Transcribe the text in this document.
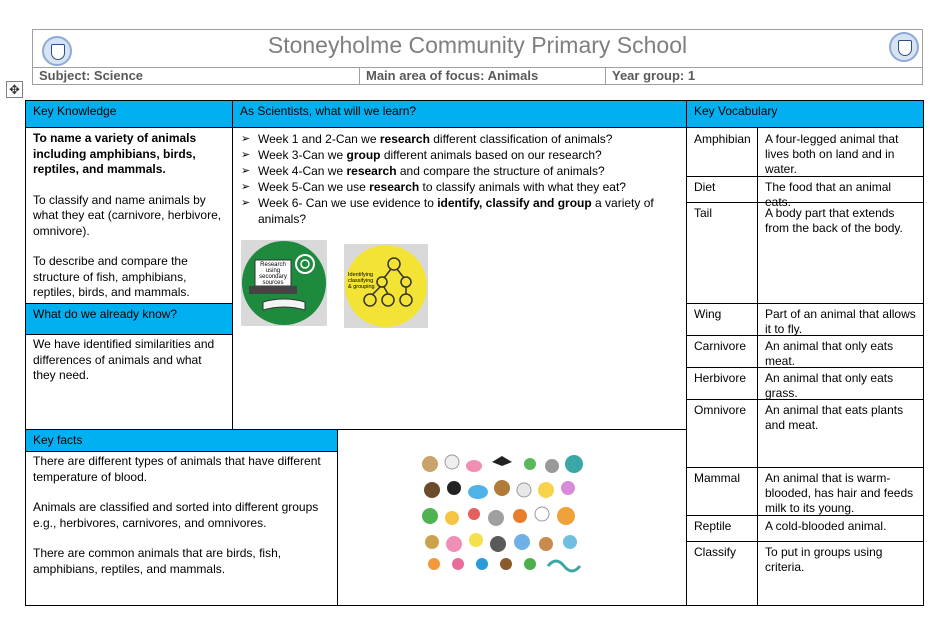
Stoneyholme Community Primary School
Subject: Science	Main area of focus: Animals	Year group: 1
✥
Key Knowledge	As Scientists, what will we learn?	Key Vocabulary
What do we already know?
Key facts

To name a variety of animals including amphibians, birds, reptiles, and mammals.

To classify and name animals by what they eat (carnivore, herbivore, omnivore).

To describe and compare the structure of fish, amphibians, reptiles, birds, and mammals.

We have identified similarities and differences of animals and what they need.
➢ Week 1 and 2-Can we research different classification of animals?
➢ Week 3-Can we group different animals based on our research?
➢ Week 4-Can we research and compare the structure of animals?
➢ Week 5-Can we use research to classify animals with what they eat?
➢ Week 6- Can we use evidence to identify, classify and group a variety of animals?
Research using secondary sources
Identifying classifying & grouping

There are different types of animals that have different temperature of blood.

Animals are classified and sorted into different groups e.g., herbivores, carnivores, and omnivores.

There are common animals that are birds, fish, amphibians, reptiles, and mammals.

Amphibian	A four-legged animal that lives both on land and in water.
Diet	The food that an animal eats.
Tail	A body part that extends from the back of the body.
Wing	Part of an animal that allows it to fly.
Carnivore	An animal that only eats meat.
Herbivore	An animal that only eats grass.
Omnivore	An animal that eats plants and meat.
Mammal	An animal that is warm-blooded, has hair and feeds milk to its young.
Reptile	A cold-blooded animal.
Classify	To put in groups using criteria.
